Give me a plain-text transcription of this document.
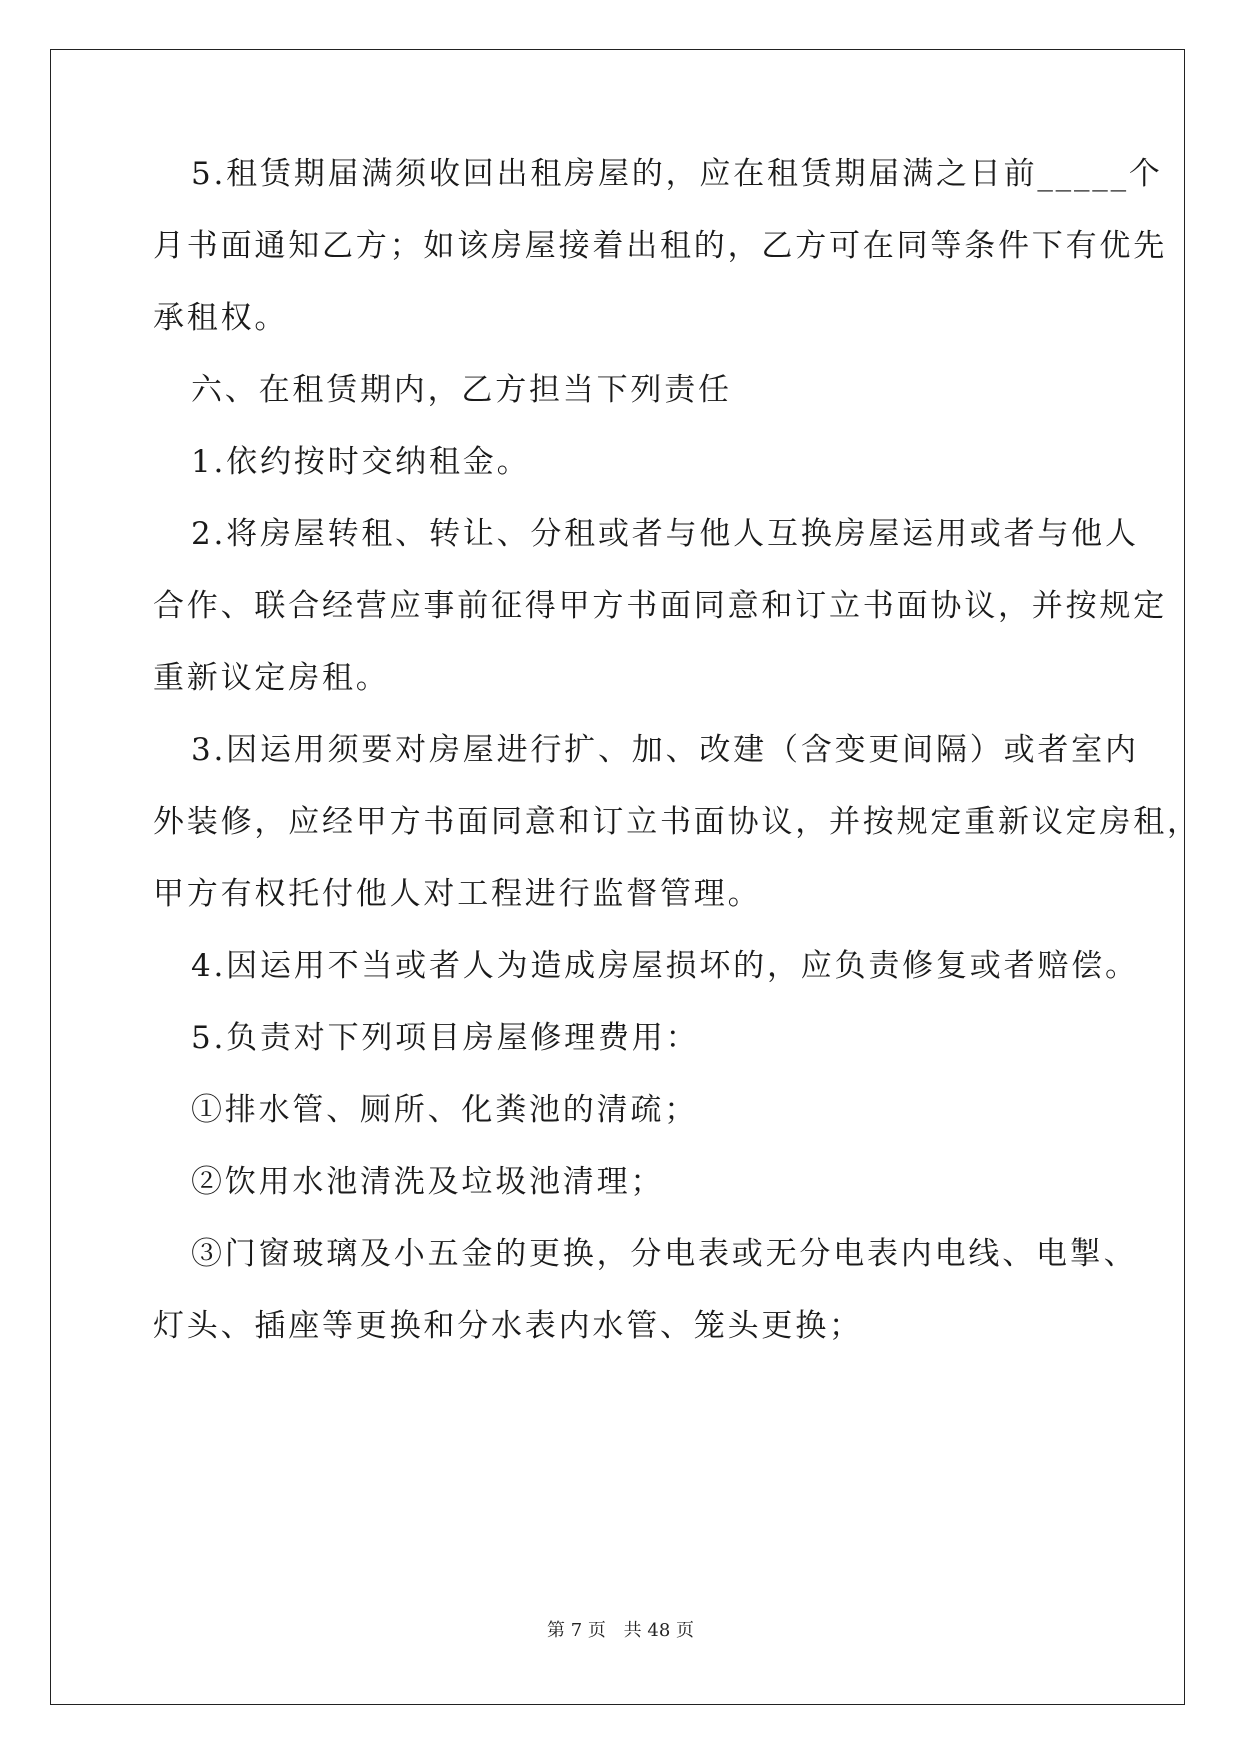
5.租赁期届满须收回出租房屋的，应在租赁期届满之日前_____个
月书面通知乙方；如该房屋接着出租的，乙方可在同等条件下有优先
承租权。
六、在租赁期内，乙方担当下列责任
1.依约按时交纳租金。
2.将房屋转租、转让、分租或者与他人互换房屋运用或者与他人
合作、联合经营应事前征得甲方书面同意和订立书面协议，并按规定
重新议定房租。
3.因运用须要对房屋进行扩、加、改建（含变更间隔）或者室内
外装修，应经甲方书面同意和订立书面协议，并按规定重新议定房租，
甲方有权托付他人对工程进行监督管理。
4.因运用不当或者人为造成房屋损坏的，应负责修复或者赔偿。
5.负责对下列项目房屋修理费用：
①排水管、厕所、化粪池的清疏；
②饮用水池清洗及垃圾池清理；
③门窗玻璃及小五金的更换，分电表或无分电表内电线、电掣、
灯头、插座等更换和分水表内水管、笼头更换；
第 7 页 共 48 页
